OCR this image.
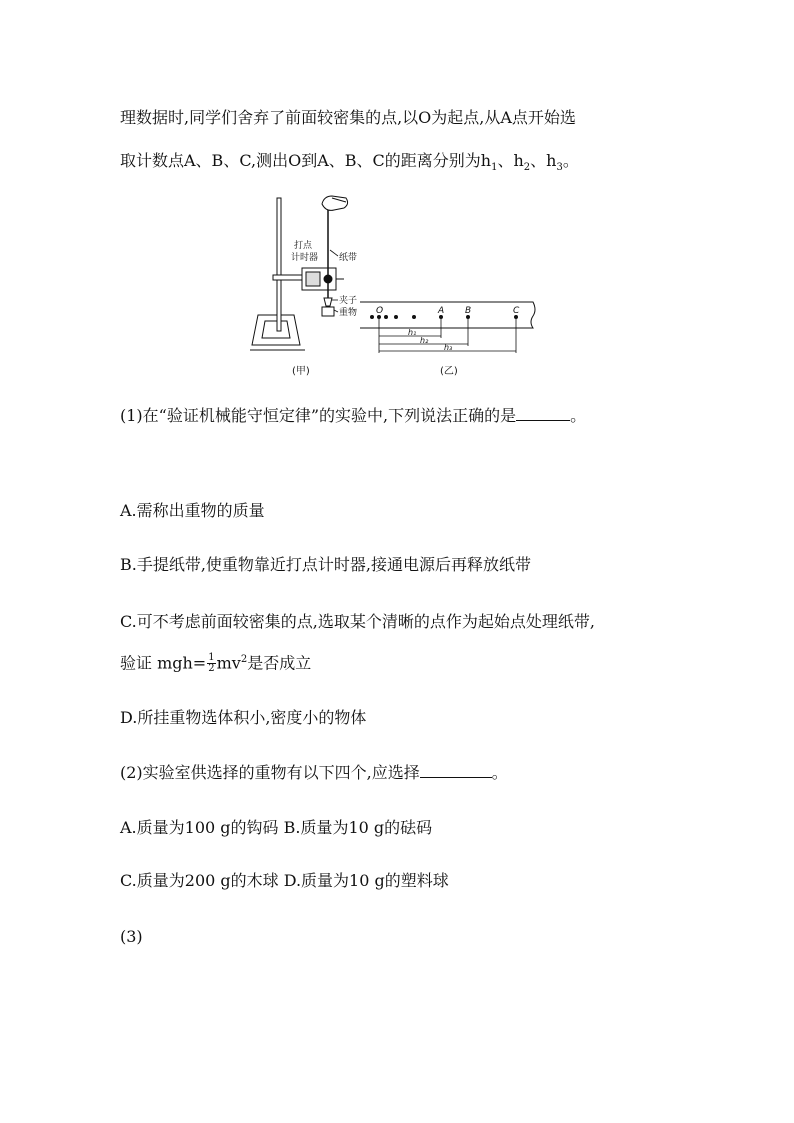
理数据时,同学们舍弃了前面较密集的点,以O为起点,从A点开始选
取计数点A、B、C,测出O到A、B、C的距离分别为$h_1$、$h_2$、$h_3$。
打点
计时器 纸带
夹子
重物 O	A B	C
h₁
h₂
h₃
(甲)	(乙)
(1)在“验证机械能守恒定律”的实验中,下列说法正确的是	。
A.需称出重物的质量
B.手提纸带,使重物靠近打点计时器,接通电源后再释放纸带
C.可不考虑前面较密集的点,选取某个清晰的点作为起始点处理纸带,
验证 $mgh= \frac{1}{2} mv^2$是否成立
D.所挂重物选体积小,密度小的物体
(2)实验室供选择的重物有以下四个,应选择	。
A.质量为100 g的钩码 B.质量为10 g的砝码
C.质量为200 g的木球 D.质量为10 g的塑料球
(3)
